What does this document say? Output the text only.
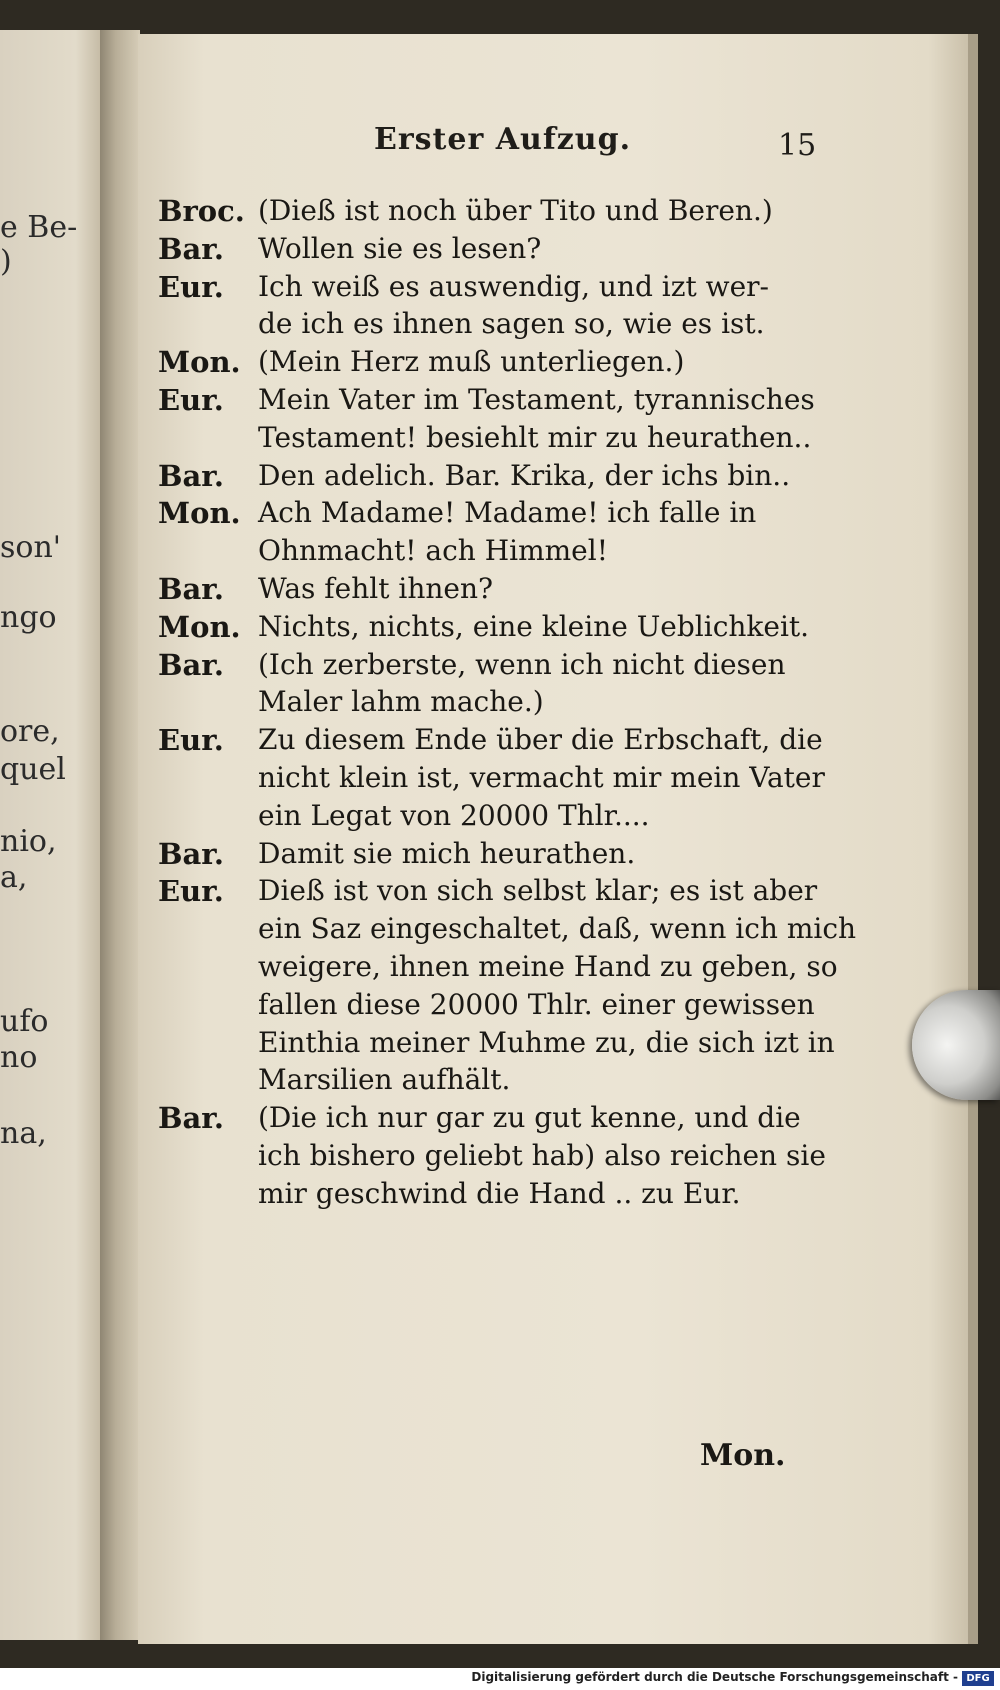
e Be-
)
son'
ngo
ore,
quel
nio,
a,
ufo
no
na,
Erster Aufzug.	15
Broc. (Dieß ist noch über Tito und Beren.)
Bar. Wollen sie es lesen?
Eur. Ich weiß es auswendig, und izt wer-
de ich es ihnen sagen so, wie es ist.
Mon. (Mein Herz muß unterliegen.)
Eur. Mein Vater im Testament, tyrannisches
Testament! besiehlt mir zu heurathen..
Bar. Den adelich. Bar. Krika, der ichs bin..
Mon. Ach Madame! Madame! ich falle in
Ohnmacht! ach Himmel!
Bar. Was fehlt ihnen?
Mon. Nichts, nichts, eine kleine Ueblichkeit.
Bar. (Ich zerberste, wenn ich nicht diesen
Maler lahm mache.)
Eur. Zu diesem Ende über die Erbschaft, die
nicht klein ist, vermacht mir mein Vater
ein Legat von 20000 Thlr....
Bar. Damit sie mich heurathen.
Eur. Dieß ist von sich selbst klar; es ist aber
ein Saz eingeschaltet, daß, wenn ich mich
weigere, ihnen meine Hand zu geben, so
fallen diese 20000 Thlr. einer gewissen
Einthia meiner Muhme zu, die sich izt in
Marsilien aufhält.
Bar. (Die ich nur gar zu gut kenne, und die
ich bishero geliebt hab) also reichen sie
mir geschwind die Hand .. zu Eur.
Mon.
Digitalisierung gefördert durch die Deutsche Forschungsgemeinschaft - DFG
